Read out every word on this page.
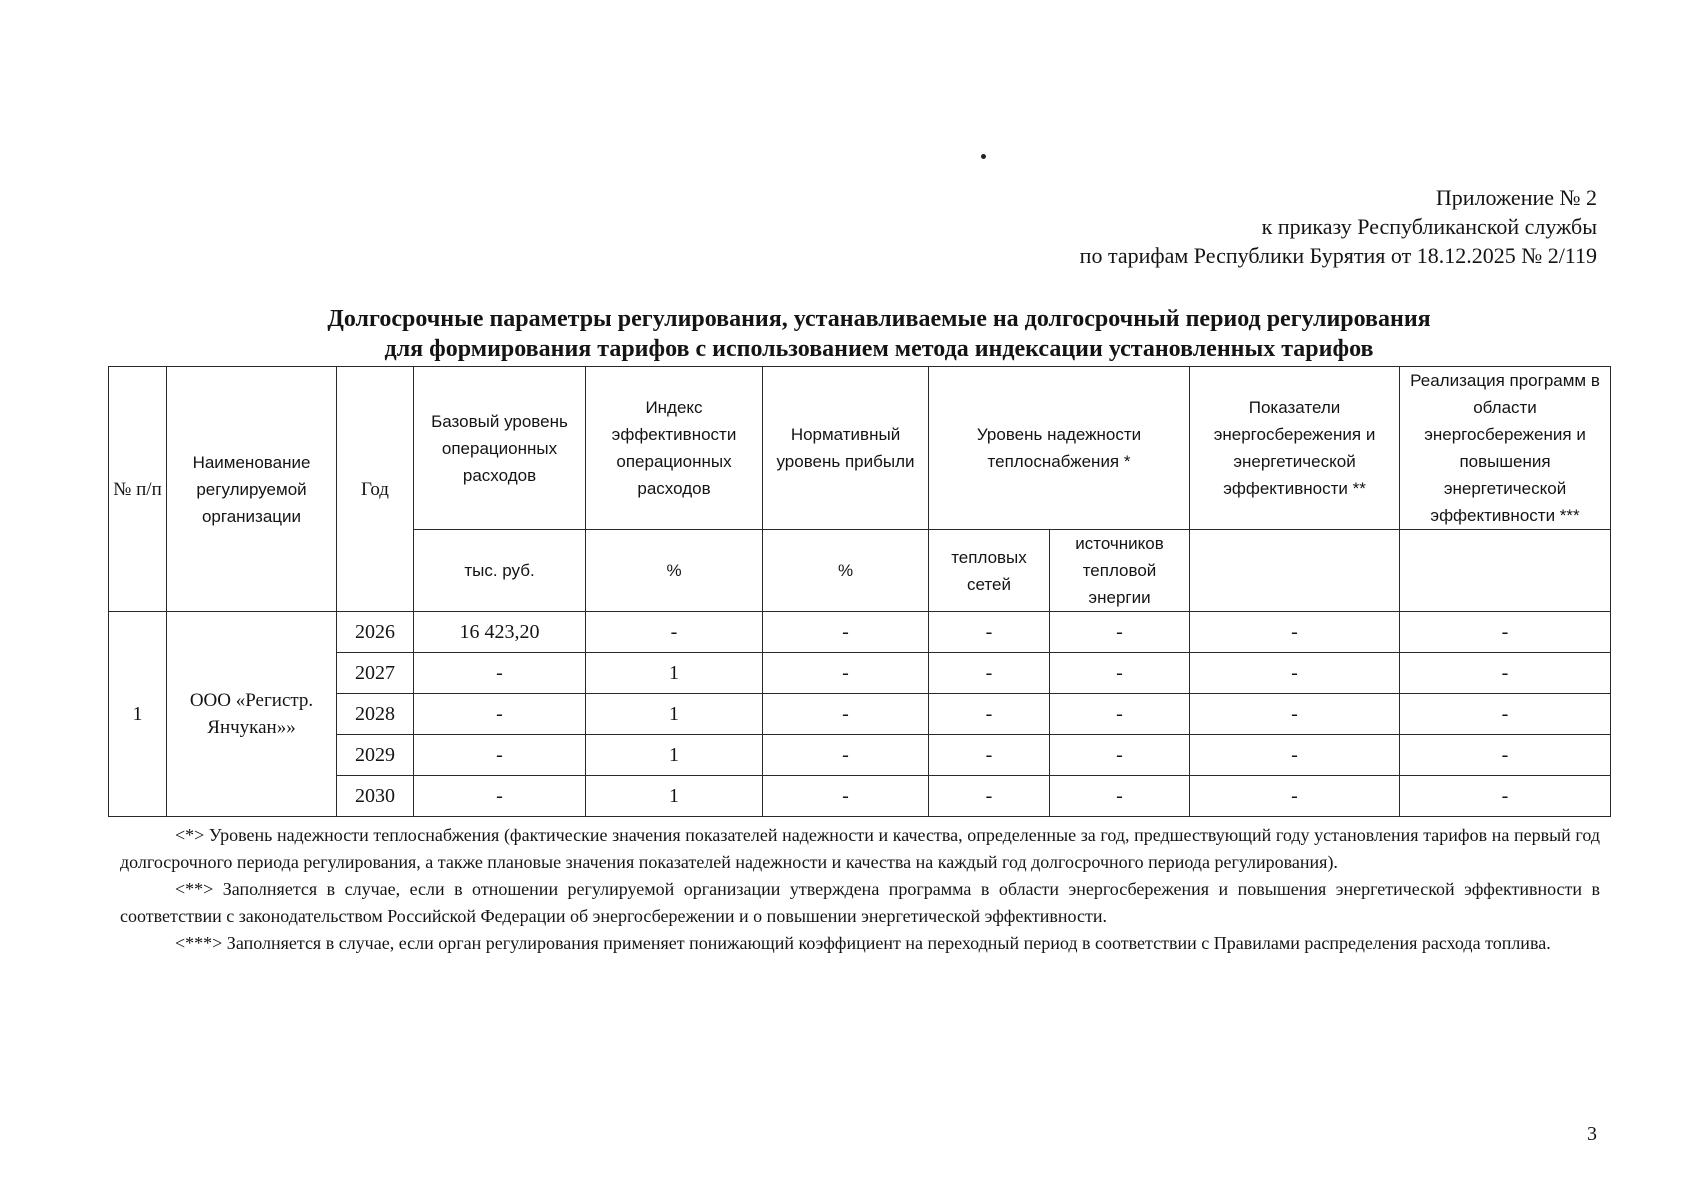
Приложение № 2
к приказу Республиканской службы
по тарифам Республики Бурятия от 18.12.2025 № 2/119
Долгосрочные параметры регулирования, устанавливаемые на долгосрочный период регулирования
для формирования тарифов с использованием метода индексации установленных тарифов
№ п/п	Наименование регулируемой организации	Год	Базовый уровень операционных расходов	Индекс эффективности операционных расходов	Нормативный уровень прибыли	Уровень надежности теплоснабжения *		Показатели энергосбережения и энергетической эффективности **	Реализация программ в области энергосбережения и повышения энергетической эффективности ***
			тыс. руб.	%	%	тепловых сетей	источников тепловой энергии		
1	ООО «Регистр. Янчукан»»	2026	16 423,20	-	-	-	-	-	-
		2027	-	1	-	-	-	-	-
		2028	-	1	-	-	-	-	-
		2029	-	1	-	-	-	-	-
		2030	-	1	-	-	-	-	-

<*> Уровень надежности теплоснабжения (фактические значения показателей надежности и качества, определенные за год, предшествующий году установления тарифов на первый год долгосрочного периода регулирования, а также плановые значения показателей надежности и качества на каждый год долгосрочного периода регулирования).

<**> Заполняется в случае, если в отношении регулируемой организации утверждена программа в области энергосбережения и повышения энергетической эффективности в соответствии с законодательством Российской Федерации об энергосбережении и о повышении энергетической эффективности.

<***> Заполняется в случае, если орган регулирования применяет понижающий коэффициент на переходный период в соответствии с Правилами распределения расхода топлива.

3
